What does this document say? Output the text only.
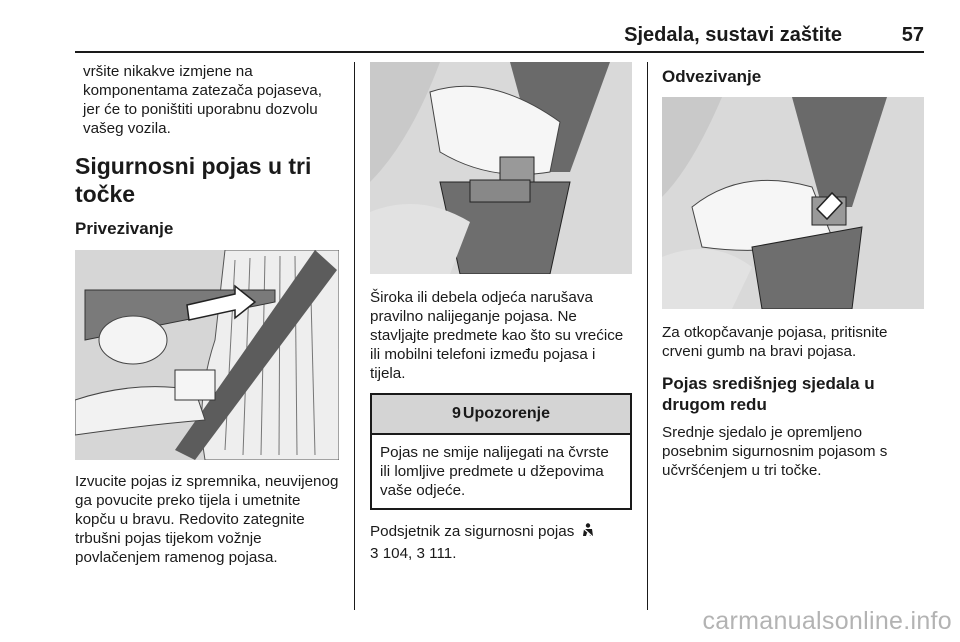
Sjedala, sustavi zaštite	57

vršite nikakve izmjene na komponentama zatezača pojaseva, jer će to poništiti uporabnu dozvolu vašeg vozila.

Sigurnosni pojas u tri točke
Privezivanje

Izvucite pojas iz spremnika, neuvijenog ga povucite preko tijela i umetnite kopču u bravu. Redovito zategnite trbušni pojas tijekom vožnje povlačenjem ramenog pojasa.

Široka ili debela odjeća narušava pravilno nalijeganje pojasa. Ne stavljajte predmete kao što su vrećice ili mobilni telefoni između pojasa i tijela.

9 Upozorenje

Pojas ne smije nalijegati na čvrste ili lomljive predmete u džepovima vaše odjeće.

Podsjetnik za sigurnosni pojas
3 104, 3 111.

Odvezivanje

Za otkopčavanje pojasa, pritisnite crveni gumb na bravi pojasa.

Pojas središnjeg sjedala u drugom redu

Srednje sjedalo je opremljeno posebnim sigurnosnim pojasom s učvršćenjem u tri točke.

carmanualsonline.info
